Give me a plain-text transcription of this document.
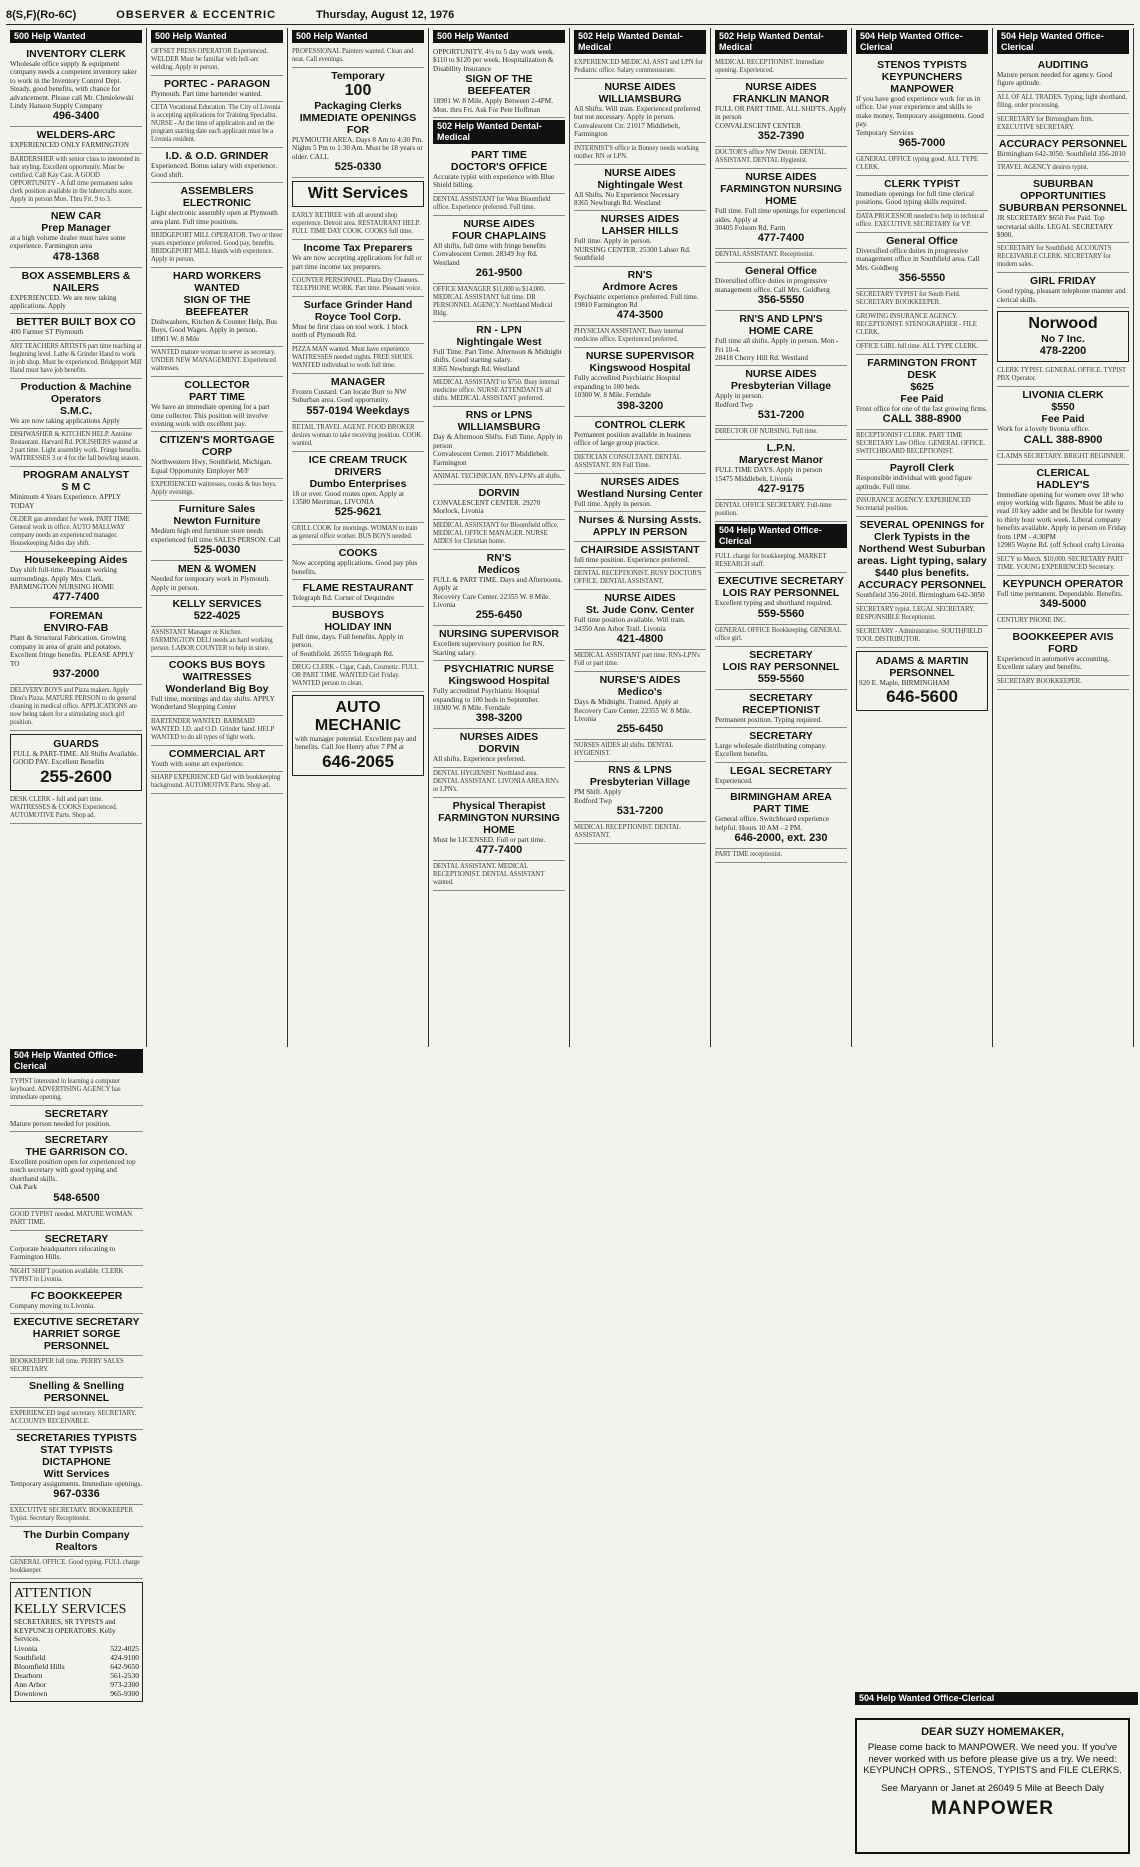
8(S,F)(Ro-6C)	OBSERVER & ECCENTRIC	Thursday, August 12, 1976
500 Help Wanted
INVENTORY CLERK
Wholesale office supply & equipment company needs a competent inventory taker to work in the Inventory Control Dept. Steady, good benefits, with chance for advancement. Please call Mr. Chmielewski
Lindy Hanson Supply Company
496-3400
WELDERS-ARC
EXPERIENCED ONLY FARMINGTON
BARDERSHER with senior class to interested in hair styling. Excellent opportunity. Must be certified. Call Kay Cast. A GOOD OPPORTUNITY - A full time permanent sales clerk position available in the lubercrafts store. Apply in person Mon. Thru Fri. 9 to 3.
NEW CAR
Prep Manager
at a high volume dealer must have some experience. Farmington area
478-1368
BOX ASSEMBLERS & NAILERS
EXPERIENCED. We are now taking applications. Apply
BETTER BUILT BOX CO
400 Farmer ST Plymouth
ART TEACHERS ARTISTS part time teaching at beginning level. Lathe & Grinder Hand to work in job shop. Must be experienced. Bridgeport Mill Hand must have job benefits.
Production & Machine Operators
S.M.C.
We are now taking applications Apply
DISHWASHER & KITCHEN HELP. Antoine Restaurant. Harvard Rd. POLISHERS wanted at 2 part time. Light assembly work. Fringe benefits. WAITRESSES 3 or 4 for the fall bowling season.
PROGRAM ANALYST
S M C
Minimum 4 Years Experience. APPLY TODAY
OLDER gas attendant for week. PART TIME General work in office. AUTO MALLWAY company needs an experienced manager. Housekeeping Aides day shift.
Housekeeping Aides
Day shift full-time. Pleasant working surroundings. Apply Mrs. Clark. PARMINGTON NURSING HOME
477-7400
FOREMAN
ENVIRO-FAB
Plant & Structural Fabrication. Growing company in area of grain and potatoes. Excellent fringe benefits. PLEASE APPLY TO
937-2000
DELIVERY BOYS and Pizza makers. Apply Dino's Pizza. MATURE PERSON to do general cleaning in medical office. APPLICATIONS are now being taken for a stimulating stock girl position.
GUARDS
FULL & PART-TIME. All Shifts Available. GOOD PAY. Excellent Benefits
255-2600
DESK CLERK - full and part time. WAITRESSES & COOKS Experienced. AUTOMOTIVE Parts. Shop ad.
500 Help Wanted
OFFSET PRESS OPERATOR Experienced. WELDER Must be familiar with heli-arc welding. Apply in person.
PORTEC - PARAGON
Plymouth. Part time bartender wanted.
CETA Vocational Education. The City of Livonia is accepting applications for Training Specialist. NURSE - At the time of application and on the program starting date each applicant must be a Livonia resident.
I.D. & O.D. GRINDER
Experienced. Bonus salary with experience. Good shift.
ASSEMBLERS ELECTRONIC
Light electronic assembly open at Plymouth area plant. Full time positions.
BRIDGEPORT MILL OPERATOR. Two or three years experience preferred. Good pay, benefits. BRIDGEPORT MILL Hands with experience. Apply in person.
HARD WORKERS WANTED
SIGN OF THE BEEFEATER
Dishwashers, Kitchen & Counter Help, Bus Boys. Good Wages. Apply in person.
18901 W. 8 Mile
WANTED mature woman to serve as secretary. UNDER NEW MANAGEMENT. Experienced waitresses.
COLLECTOR
PART TIME
We have an immediate opening for a part time collector. This position will involve evening work with excellent pay.
CITIZEN'S MORTGAGE CORP
Northwestern Hwy, Southfield, Michigan. Equal Opportunity Employer M/F
EXPERIENCED waitresses, cooks & bus boys. Apply evenings.
Furniture Sales
Newton Furniture
Medium high end furniture store needs experienced full time SALES PERSON. Call
525-0030
MEN & WOMEN
Needed for temporary work in Plymouth. Apply in person.
KELLY SERVICES
522-4025
ASSISTANT Manager or Kitchen. FARMINGTON DELI needs an hard working person. LABOR COUNTER to help in store.
COOKS BUS BOYS WAITRESSES
Wonderland Big Boy
Full time, mornings and day shifts. APPLY
Wonderland Shopping Center
BARTENDER WANTED. BARMAID WANTED. I.D. and O.D. Grinder hand. HELP WANTED to do all types of light work.
COMMERCIAL ART
Youth with some art experience.
SHARP EXPERIENCED Girl with bookkeeping background. AUTOMOTIVE Parts. Shop ad.
500 Help Wanted
PROFESSIONAL Painters wanted. Clean and neat. Call evenings.
Temporary
100
Packaging Clerks
IMMEDIATE OPENINGS FOR
PLYMOUTH AREA. Days 8 Am to 4:30 Pm. Nights 5 Pm to 1:30 Am. Must be 18 years or older. CALL
525-0330
Witt Services
EARLY RETIREE with all around shop experience. Detroit area. RESTAURANT HELP. FULL TIME DAY COOK. COOKS full time.
Income Tax Preparers
We are now accepting applications for full or part time income tax preparers.
COUNTER PERSONNEL. Plaza Dry Cleaners. TELEPHONE WORK. Part time. Pleasant voice.
Surface Grinder Hand
Royce Tool Corp.
Must be first class on tool work. 1 block north of Plymouth Rd.
PIZZA MAN wanted. Must have experience. WAITRESSES needed nights. FREE SHOES. WANTED individual to work full time.
MANAGER
Frozen Custard. Can locate Burr to NW Suburban area. Good opportunity.
557-0194 Weekdays
RETAIL TRAVEL AGENT. FOOD BROKER desires woman to take receiving position. COOK wanted.
ICE CREAM TRUCK DRIVERS
Dumbo Enterprises
18 or over. Good routes open. Apply at
13580 Merriman, LIVONIA
525-9621
GRILL COOK for mornings. WOMAN to train as general office worker. BUS BOYS needed.
COOKS
Now accepting applications. Good pay plus benefits.
FLAME RESTAURANT
Telegraph Rd. Corner of Dequindre
BUSBOYS
HOLIDAY INN
Full time, days. Full benefits. Apply in person.
of Southfield. 26555 Telegraph Rd.
DRUG CLERK - Cigar, Cash, Cosmetic. FULL OR PART TIME. WANTED Girl Friday. WANTED person to clean.
AUTO MECHANIC
with manager potential. Excellent pay and benefits. Call Joe Henry after 7 PM at
646-2065
500 Help Wanted
OPPORTUNITY. 4½ to 5 day work week. $110 to $120 per week. Hospitalization & Disability Insurance
SIGN OF THE BEEFEATER
18901 W. 8 Mile. Apply Between 2-4PM. Mon. thru Fri. Ask For Pete Hoffman
502 Help Wanted Dental-Medical
PART TIME
DOCTOR'S OFFICE
Accurate typist with experience with Blue Shield billing.
DENTAL ASSISTANT for West Bloomfield office. Experience preferred. Full time.
NURSE AIDES
FOUR CHAPLAINS
All shifts, full time with fringe benefits
Convalescent Center. 28349 Joy Rd. Westland
261-9500
OFFICE MANAGER $11,000 to $14,000. MEDICAL ASSISTANT full time. DR PERSONNEL AGENCY. Northland Medical Bldg.
RN - LPN
Nightingale West
Full Time. Part Time. Afternoon & Midnight shifts. Good starting salary.
8365 Newburgh Rd. Westland
MEDICAL ASSISTANT to $750. Busy internal medicine office. NURSE ATTENDANTS all shifts. MEDICAL ASSISTANT preferred.
RNS or LPNS
WILLIAMSBURG
Day & Afternoon Shifts. Full Time. Apply in person
Convalescent Center. 21017 Middlebelt. Farmington
ANIMAL TECHNICIAN. RN's-LPN's all shifts.
DORVIN
CONVALESCENT CENTER. 29270 Morlock, Livonia
MEDICAL ASSISTANT for Bloomfield office. MEDICAL OFFICE MANAGER. NURSE AIDES for Christian home.
RN'S
Medicos
FULL & PART TIME. Days and Afternoons. Apply at
Recovery Care Center. 22355 W. 8 Mile. Livonia
255-6450
NURSING SUPERVISOR
Excellent supervisory position for RN. Starting salary.
PSYCHIATRIC NURSE
Kingswood Hospital
Fully accredited Psychiatric Hospital expanding to 100 beds in September.
10300 W. 8 Mile. Ferndale
398-3200
NURSES AIDES
DORVIN
All shifts. Experience preferred.
DENTAL HYGIENIST Northland area. DENTAL ASSISTANT. LIVONIA AREA RN's or LPN's.
Physical Therapist
FARMINGTON NURSING HOME
Must be LICENSED. Full or part time.
477-7400
DENTAL ASSISTANT. MEDICAL RECEPTIONIST. DENTAL ASSISTANT wanted.
502 Help Wanted Dental-Medical
EXPERIENCED MEDICAL ASST and LPN for Pediatric office. Salary commensurate.
NURSE AIDES
WILLIAMSBURG
All Shifts. Will train. Experienced preferred but not necessary. Apply in person.
Convalescent Ctr. 21017 Middlebelt, Farmington
INTERNIST'S office in Bonney needs working mother. RN or LPN.
NURSE AIDES
Nightingale West
All Shifts. No Experience Necessary
8365 Newburgh Rd. Westland
NURSES AIDES
LAHSER HILLS
Full time. Apply in person.
NURSING CENTER. 25300 Lahser Rd. Southfield
RN'S
Ardmore Acres
Psychiatric experience preferred. Full time.
19810 Farmington Rd
474-3500
PHYSICIAN ASSISTANT. Busy internal medicine office. Experienced preferred.
NURSE SUPERVISOR
Kingswood Hospital
Fully accredited Psychiatric Hospital expanding to 100 beds.
10300 W. 8 Mile. Ferndale
398-3200
CONTROL CLERK
Permanent position available in business office of large group practice.
DIETICIAN CONSULTANT. DENTAL ASSISTANT. RN Full Time.
NURSES AIDES
Westland Nursing Center
Full time. Apply in person.
Nurses & Nursing Assts.
APPLY IN PERSON
CHAIRSIDE ASSISTANT
full time position. Experience preferred.
DENTAL RECEPTIONIST. BUSY DOCTOR'S OFFICE. DENTAL ASSISTANT.
NURSE AIDES
St. Jude Conv. Center
Full time position available. Will train.
34350 Ann Arbor Trail. Livonia
421-4800
MEDICAL ASSISTANT part time. RN's-LPN's Full or part time.
NURSE'S AIDES
Medico's
Days & Midnight. Trained. Apply at
Recovery Care Center. 22355 W. 8 Mile. Livonia
255-6450
NURSES AIDES all shifts. DENTAL HYGIENIST.
RNS & LPNS
Presbyterian Village
PM Shift. Apply
Redford Twp
531-7200
MEDICAL RECEPTIONIST. DENTAL ASSISTANT.
502 Help Wanted Dental-Medical
MEDICAL RECEPTIONIST. Immediate opening. Experienced.
NURSE AIDES
FRANKLIN MANOR
FULL OR PART TIME. ALL SHIFTS. Apply in person
CONVALESCENT CENTER
352-7390
DOCTOR'S office NW Detroit. DENTAL ASSISTANT. DENTAL Hygienist.
NURSE AIDES
FARMINGTON NURSING HOME
Full time. Full time openings for experienced aides. Apply at
30405 Folsom Rd. Farm
477-7400
DENTAL ASSISTANT. Receptionist.
General Office
Diversified office duties in progressive management office. Call Mrs. Goldberg
356-5550
RN'S AND LPN'S
HOME CARE
Full time all shifts. Apply in person. Mon - Fri 10-4.
28418 Cherry Hill Rd. Westland
NURSE AIDES
Presbyterian Village
Apply in person.
Redford Twp
531-7200
DIRECTOR OF NURSING. Full time.
L.P.N.
Marycrest Manor
FULL TIME DAYS. Apply in person
15475 Middlebelt, Livonia
427-9175
DENTAL OFFICE SECRETARY. Full-time position.
504 Help Wanted Office-Clerical
FULL charge for bookkeeping. MARKET RESEARCH staff.
EXECUTIVE SECRETARY
LOIS RAY PERSONNEL
Excellent typing and shorthand required.
559-5560
GENERAL OFFICE Bookkeeping. GENERAL office girl.
SECRETARY
LOIS RAY PERSONNEL
559-5560
SECRETARY RECEPTIONIST
Permanent position. Typing required.
SECRETARY
Large wholesale distributing company. Excellent benefits.
LEGAL SECRETARY
Experienced.
BIRMINGHAM AREA
PART TIME
General office. Switchboard experience helpful. Hours 10 AM - 2 PM.
646-2000, ext. 230
PART TIME receptionist.
504 Help Wanted Office-Clerical
STENOS TYPISTS KEYPUNCHERS
MANPOWER
If you have good experience work for us in office. Use your experience and skills to make money. Temporary assignments. Good pay.
Temporary Services
965-7000
GENERAL OFFICE typing good. ALL TYPE CLERK.
CLERK TYPIST
Immediate openings for full time clerical positions. Good typing skills required.
DATA PROCESSOR needed to help in technical office. EXECUTIVE SECRETARY for VP.
General Office
Diversified office duties in progressive management office in Southfield area. Call Mrs. Goldberg
356-5550
SECRETARY TYPIST for South Field. SECRETARY BOOKKEEPER.
GROWING INSURANCE AGENCY. RECEPTIONIST. STENOGRAPHER - FILE CLERK.
OFFICE GIRL full time. ALL TYPE CLERK.
FARMINGTON FRONT DESK
$625
Fee Paid
Front office for one of the fast growing firms.
CALL 388-8900
RECEPTIONIST CLERK. PART TIME SECRETARY Law Office. GENERAL OFFICE. SWITCHBOARD RECEPTIONIST.
Payroll Clerk
Responsible individual with good figure aptitude. Full time.
INSURANCE AGENCY. EXPERIENCED Secretarial position.
SEVERAL OPENINGS for Clerk Typists in the Northend West Suburban areas. Light typing, salary $440 plus benefits.
ACCURACY PERSONNEL
Southfield 356-2010. Birmingham 642-3050
SECRETARY typist. LEGAL SECRETARY. RESPONSIBLE Receptionist.
SECRETARY - Administrative. SOUTHFIELD TOOL DISTRIBUTOR.
ADAMS & MARTIN
PERSONNEL
920 E. Maple, BIRMINGHAM
646-5600
504 Help Wanted Office-Clerical
AUDITING
Mature person needed for agency. Good figure aptitude.
ALL OF ALL TRADES. Typing, light shorthand, filing, order processing.
SECRETARY for Birmingham firm. EXECUTIVE SECRETARY.
ACCURACY PERSONNEL
Birmingham 642-3050. Southfield 356-2010
TRAVEL AGENCY desires typist.
SUBURBAN OPPORTUNITIES
SUBURBAN PERSONNEL
JR SECRETARY $650 Fee Paid. Top secretarial skills. LEGAL SECRETARY $900.
SECRETARY for Southfield. ACCOUNTS RECEIVABLE CLERK. SECRETARY for modern sales.
GIRL FRIDAY
Good typing, pleasant telephone manner and clerical skills.
Norwood
No 7 Inc.
478-2200
CLERK TYPIST. GENERAL OFFICE. TYPIST PBX Operator.
LIVONIA CLERK
$550
Fee Paid
Work for a lovely livonia office.
CALL 388-8900
CLAIMS SECRETARY. BRIGHT BEGINNER.
CLERICAL
HADLEY'S
Immediate opening for women over 18 who enjoy working with figures. Must be able to read 10 key adder and be flexible for twenty to thirty hour work week. Liberal company benefits available. Apply in person on Friday from 1PM - 4:30PM
12985 Wayne Rd. (off School craft) Livonia
SEC'Y to Merch. $10,000. SECRETARY PART TIME. YOUNG EXPERIENCED Secretary.
KEYPUNCH OPERATOR
Full time permanent. Dependable. Benefits.
349-5000
CENTURY PHONE INC.
BOOKKEEPER AVIS FORD
Experienced in automotive accounting. Excellent salary and benefits.
SECRETARY BOOKKEEPER.
504 Help Wanted Office-Clerical
TYPIST interested in learning a computer keyboard. ADVERTISING AGENCY has immediate opening.
SECRETARY
Mature person needed for position.
SECRETARY
THE GARRISON CO.
Excellent position open for experienced top notch secretary with good typing and shorthand skills.
Oak Park
548-6500
GOOD TYPIST needed. MATURE WOMAN PART TIME.
SECRETARY
Corporate headquarters relocating to Farmington Hills.
NIGHT SHIFT position available. CLERK TYPIST in Livonia.
FC BOOKKEEPER
Company moving to Livonia.
EXECUTIVE SECRETARY
HARRIET SORGE PERSONNEL
BOOKKEEPER full time. PERRY SALES SECRETARY.
Snelling & Snelling
PERSONNEL
EXPERIENCED legal secretary. SECRETARY. ACCOUNTS RECEIVABLE.
SECRETARIES TYPISTS STAT TYPISTS DICTAPHONE
Witt Services
Temporary assignments. Immediate openings.
967-0336
EXECUTIVE SECRETARY. BOOKKEEPER Typist. Secretary Receptionist.
The Durbin Company
Realtors
GENERAL OFFICE. Good typing. FULL charge bookkeeper.
ATTENTION
KELLY SERVICES
SECRETARIES, SR TYPISTS and KEYPUNCH OPERATORS. Kelly Services.
Livonia	522-4025
Southfield	424-9100
Bloomfield Hills	642-9650
Dearborn	561-2530
Ann Arbor	973-2300
Downtown	965-9300	504 Help Wanted Office-Clerical
DEAR SUZY HOMEMAKER,
Please come back to MANPOWER. We need you. If you've never worked with us before please give us a try. We need: KEYPUNCH OPRS., STENOS, TYPISTS and FILE CLERKS.
See Maryann or Janet at 26049 5 Mile at Beech Daly
MANPOWER
